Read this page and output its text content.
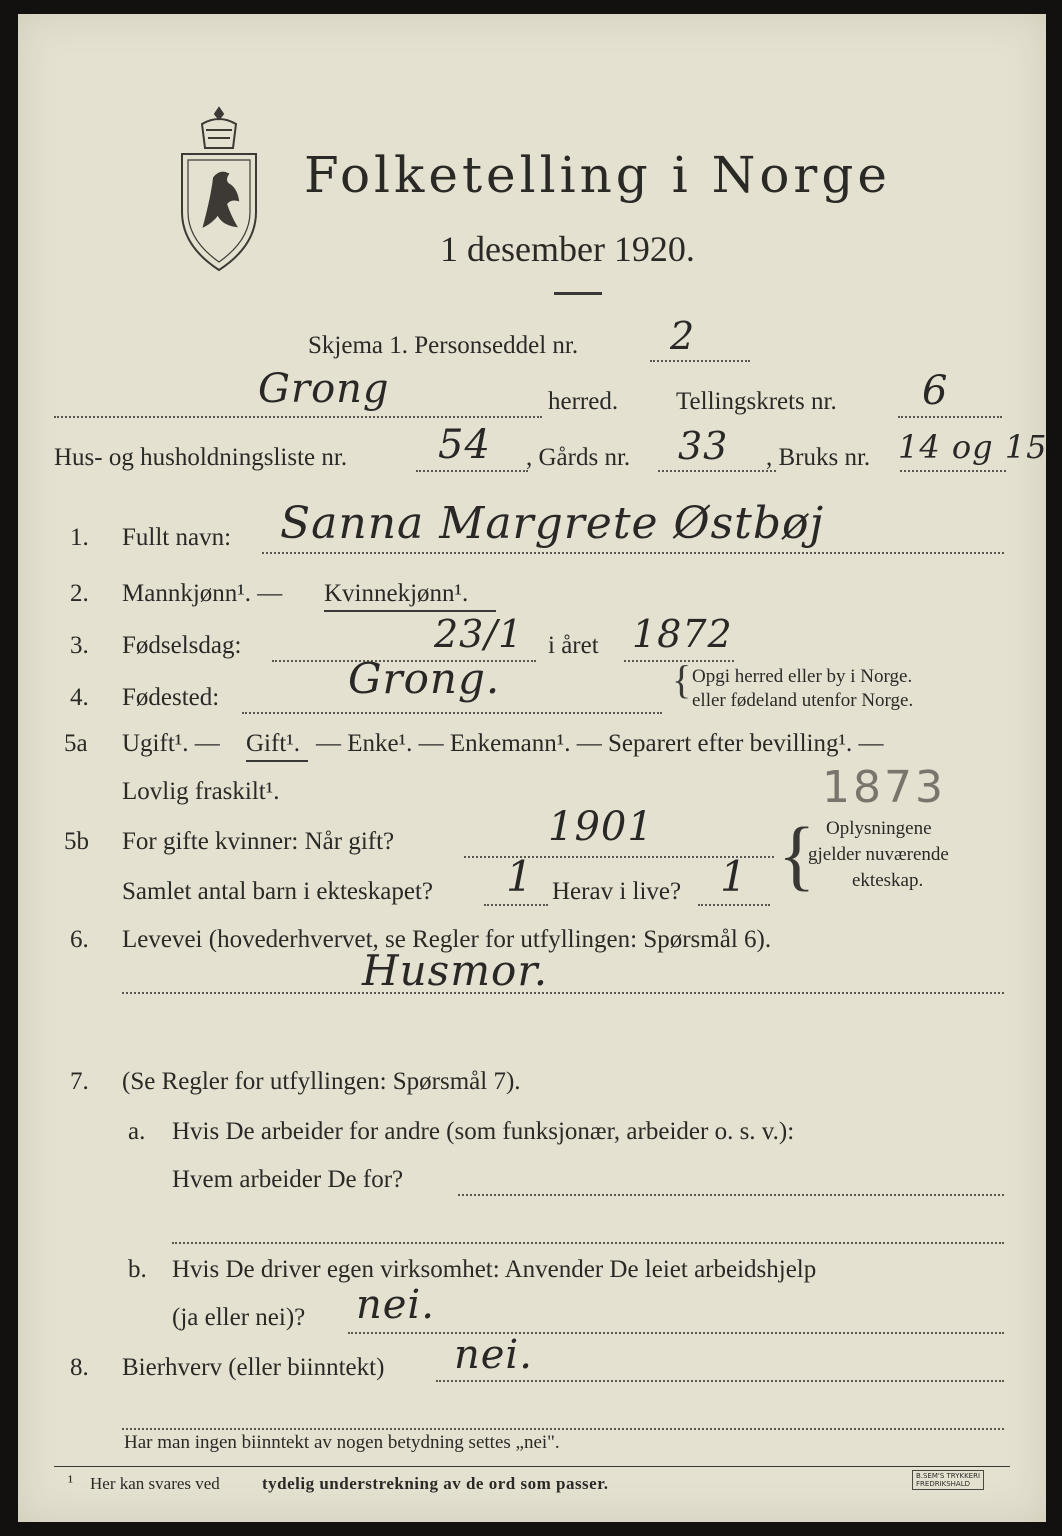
Folketelling i Norge
1 desember 1920.
Skjema 1. Personseddel nr. 2
Grong	herred. Tellingskrets nr. 6
Hus- og husholdningsliste nr. 54 , Gårds nr. 33 , Bruks nr. 14 og 15
1. Fullt navn: Sanna Margrete Østbøj
2. Mannkjønn¹. — Kvinnekjønn¹.
3. Fødselsdag:	23/1 i året 1872
4. Fødested:	Grong.	{ Opgi herred eller by i Norge.
eller fødeland utenfor Norge.
5a Ugift¹. — Gift¹. — Enke¹. — Enkemann¹. — Separert efter bevilling¹. —
Lovlig fraskilt¹.	1873
5b For gifte kvinner: Når gift?	1901
Samlet antal barn i ekteskapet? 1 Herav i live? 1 { Oplysningene
gjelder nuværende
ekteskap.
6. Levevei (hovederhvervet, se Regler for utfyllingen: Spørsmål 6).
Husmor.
7. (Se Regler for utfyllingen: Spørsmål 7).
a. Hvis De arbeider for andre (som funksjonær, arbeider o. s. v.):
Hvem arbeider De for?
b. Hvis De driver egen virksomhet: Anvender De leiet arbeidshjelp
(ja eller nei)? nei.
8. Bierhverv (eller biinntekt) nei.
Har man ingen biinntekt av nogen betydning settes „nei".
¹ Her kan svares ved tydelig understrekning av de ord som passer.	B.SEM'S TRYKKERI
FREDRIKSHALD
